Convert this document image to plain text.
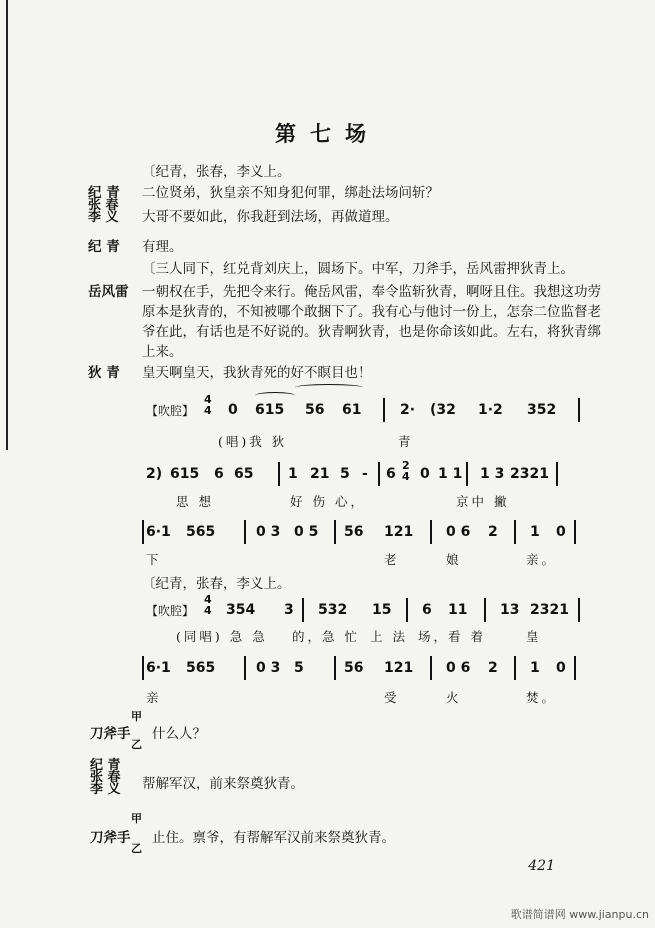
第七场
〔纪青，张春，李义上。
纪 青 二位贤弟，狄皇亲不知身犯何罪，绑赴法场问斩？
张 春
李 义 大哥不要如此，你我赶到法场，再做道理。
纪 青 有理。
〔三人同下，红兑背刘庆上，圆场下。中军，刀斧手，岳风雷押狄青上。
岳风雷 一朝权在手，先把令来行。俺岳风雷，奉令监斩狄青，啊呀且住。我想这功劳
原本是狄青的，不知被哪个敢捆下了。我有心与他讨一份上，怎奈二位监督老
爷在此，有话也是不好说的。狄青啊狄青，也是你命该如此。左右，将狄青绑
上来。
狄 青 皇天啊皇天，我狄青死的好不瞑目也！
【吹腔】
4
4 0 615 56 61	2· (32 1·2 352
(唱)我 狄	青
2) 615 6 65 1 21 5 - 6
2
4 0 1 1 1 3 2321
思 想	好 伤 心，	京中 撇
6·1 565	0 3 0 5 56 121 0 6 2 1 0
下	老	娘	亲。
〔纪青，张春，李义上。
【吹腔】
4
4 354 3 532 15 6 11 13 2321
(同唱) 急 急 的，
急 忙 上 法 场，
看 着	皇
6·1 565	0 3 5	56 121 0 6 2 1 0
亲	受	火	焚。
刀斧手
甲
乙
什么人？
纪 青
张 春
李 义 帮解军汉，前来祭奠狄青。
刀斧手
甲
乙
止住。禀爷，有帮解军汉前来祭奠狄青。
421
歌谱简谱网 www.jianpu.cn
